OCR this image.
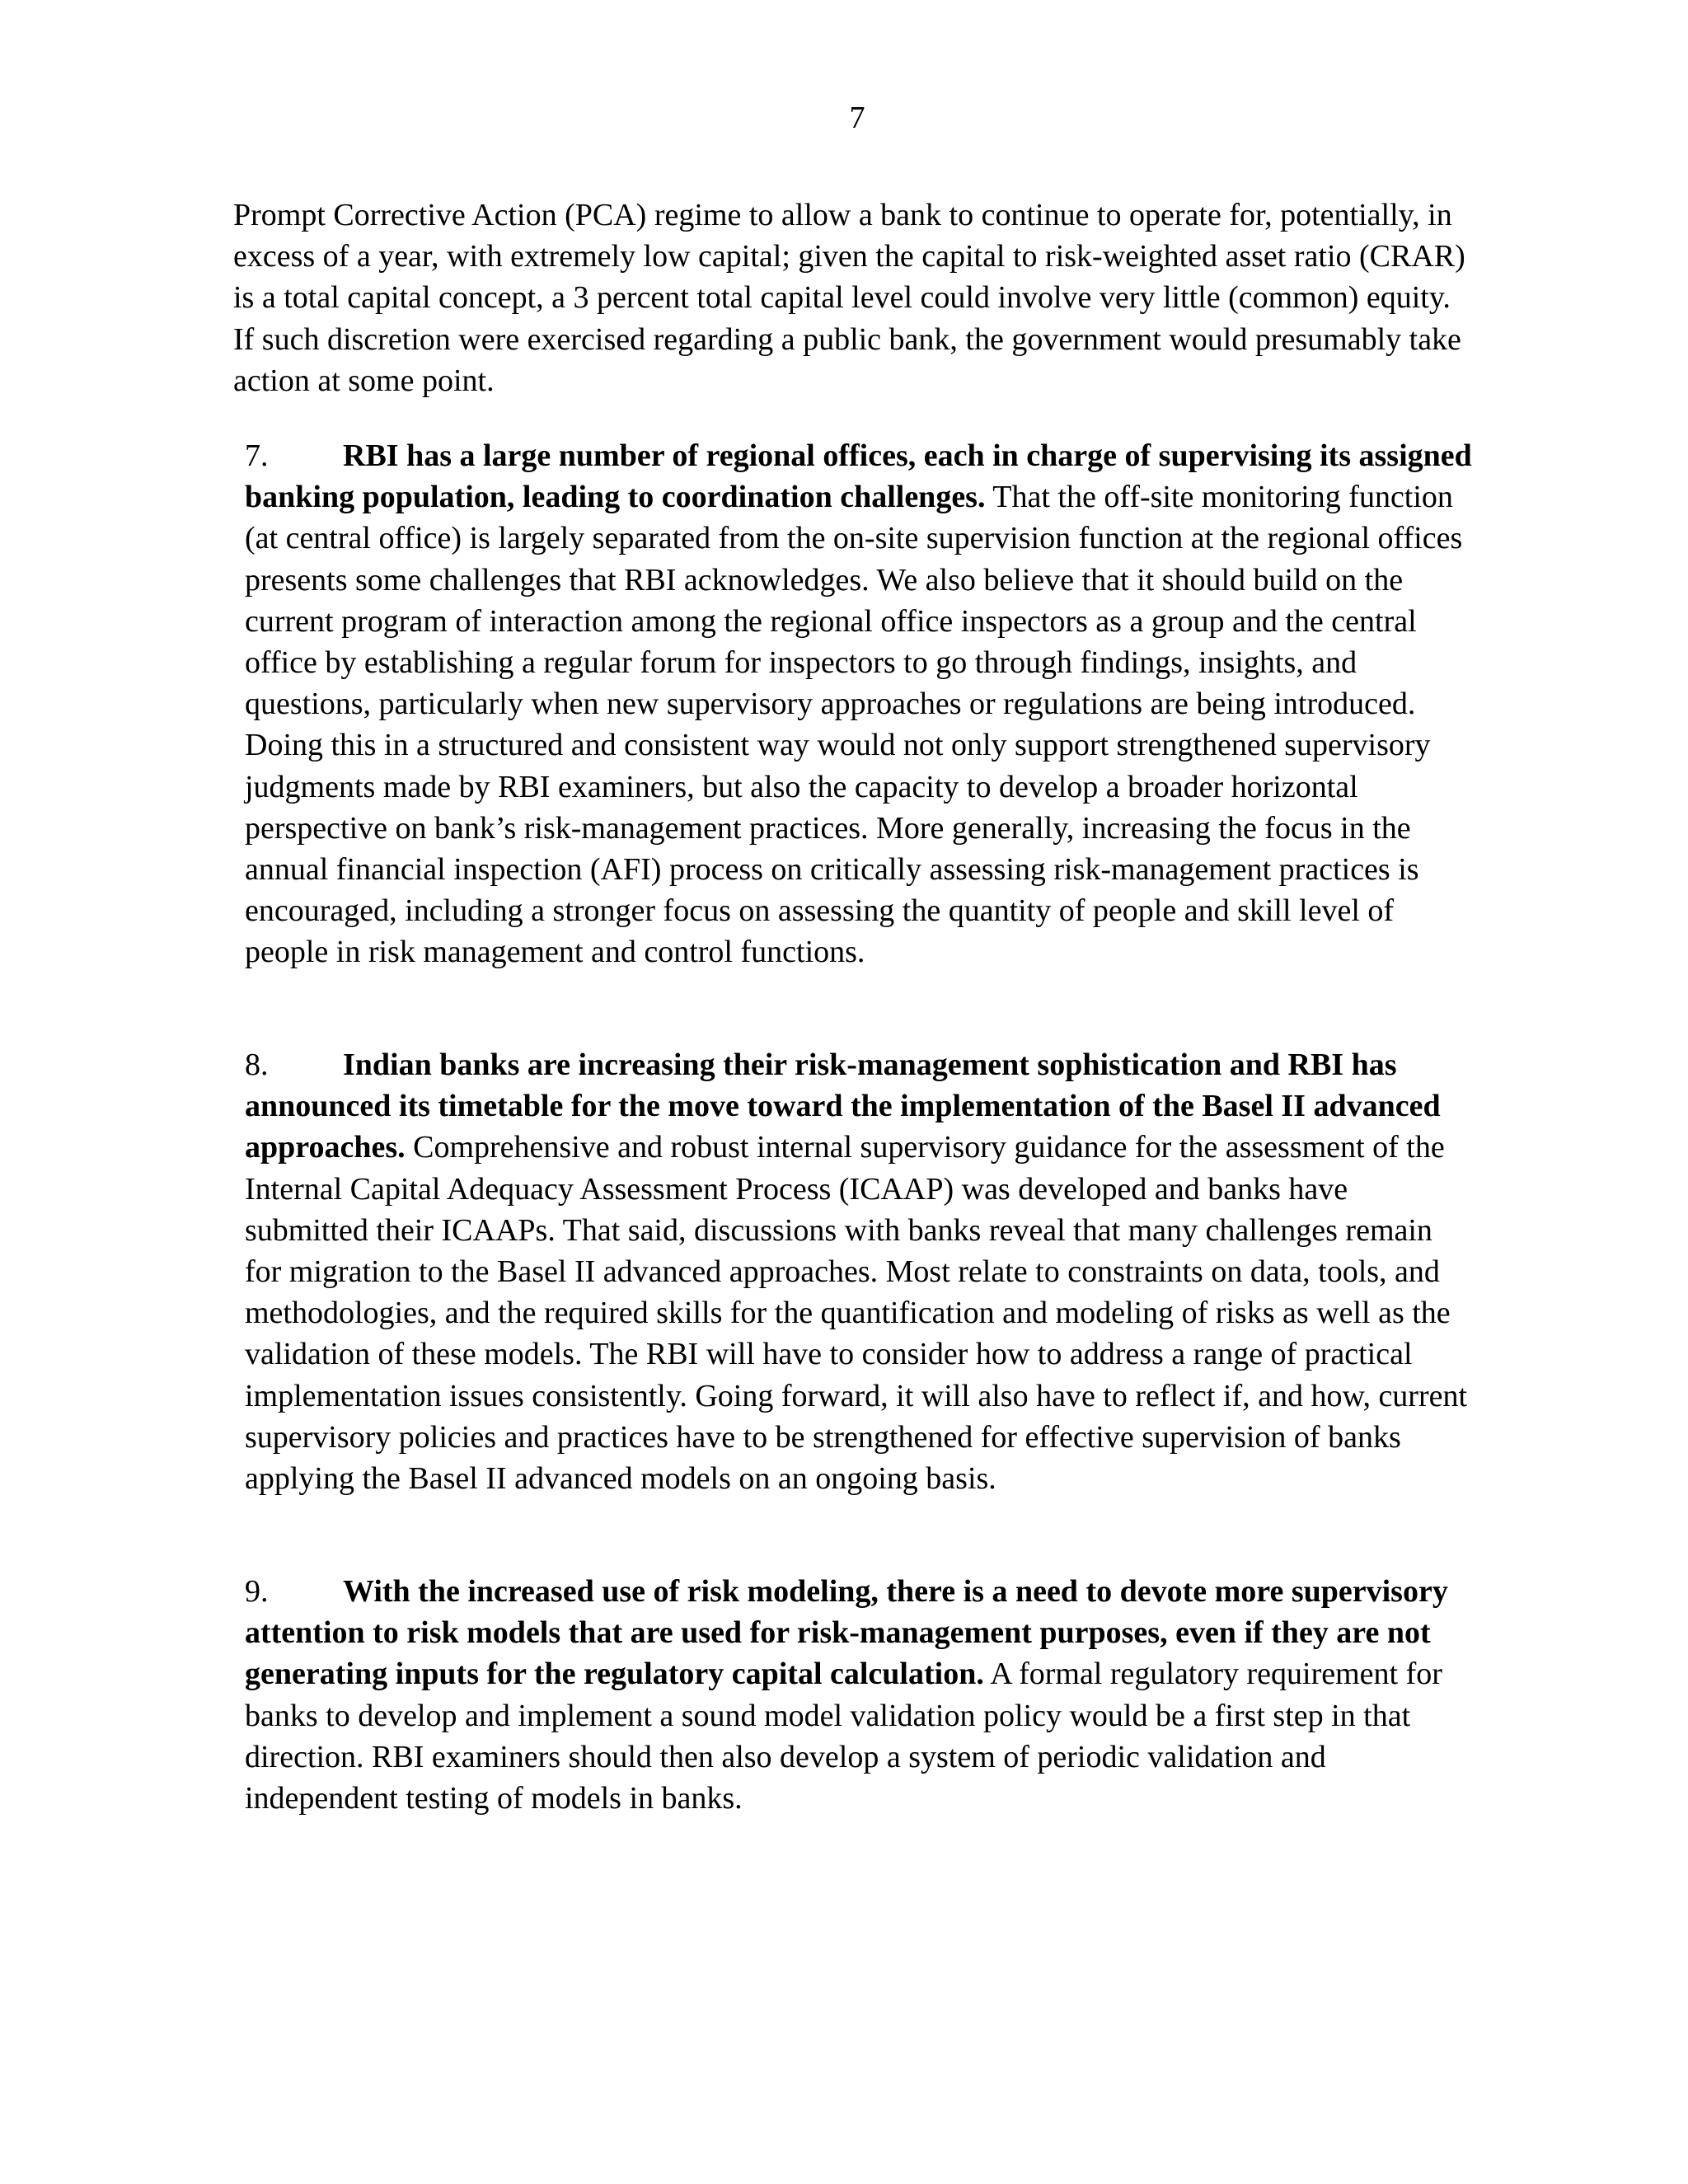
7

Prompt Corrective Action (PCA) regime to allow a bank to continue to operate for, potentially, in excess of a year, with extremely low capital; given the capital to risk-weighted asset ratio (CRAR) is a total capital concept, a 3 percent total capital level could involve very little (common) equity. If such discretion were exercised regarding a public bank, the government would presumably take action at some point.

7. RBI has a large number of regional offices, each in charge of supervising its assigned banking population, leading to coordination challenges. That the off-site monitoring function (at central office) is largely separated from the on-site supervision function at the regional offices presents some challenges that RBI acknowledges. We also believe that it should build on the current program of interaction among the regional office inspectors as a group and the central office by establishing a regular forum for inspectors to go through findings, insights, and questions, particularly when new supervisory approaches or regulations are being introduced. Doing this in a structured and consistent way would not only support strengthened supervisory judgments made by RBI examiners, but also the capacity to develop a broader horizontal perspective on bank’s risk-management practices. More generally, increasing the focus in the annual financial inspection (AFI) process on critically assessing risk-management practices is encouraged, including a stronger focus on assessing the quantity of people and skill level of people in risk management and control functions.

8. Indian banks are increasing their risk-management sophistication and RBI has announced its timetable for the move toward the implementation of the Basel II advanced approaches. Comprehensive and robust internal supervisory guidance for the assessment of the Internal Capital Adequacy Assessment Process (ICAAP) was developed and banks have submitted their ICAAPs. That said, discussions with banks reveal that many challenges remain for migration to the Basel II advanced approaches. Most relate to constraints on data, tools, and methodologies, and the required skills for the quantification and modeling of risks as well as the validation of these models. The RBI will have to consider how to address a range of practical implementation issues consistently. Going forward, it will also have to reflect if, and how, current supervisory policies and practices have to be strengthened for effective supervision of banks applying the Basel II advanced models on an ongoing basis.

9. With the increased use of risk modeling, there is a need to devote more supervisory attention to risk models that are used for risk-management purposes, even if they are not generating inputs for the regulatory capital calculation. A formal regulatory requirement for banks to develop and implement a sound model validation policy would be a first step in that direction. RBI examiners should then also develop a system of periodic validation and independent testing of models in banks.
